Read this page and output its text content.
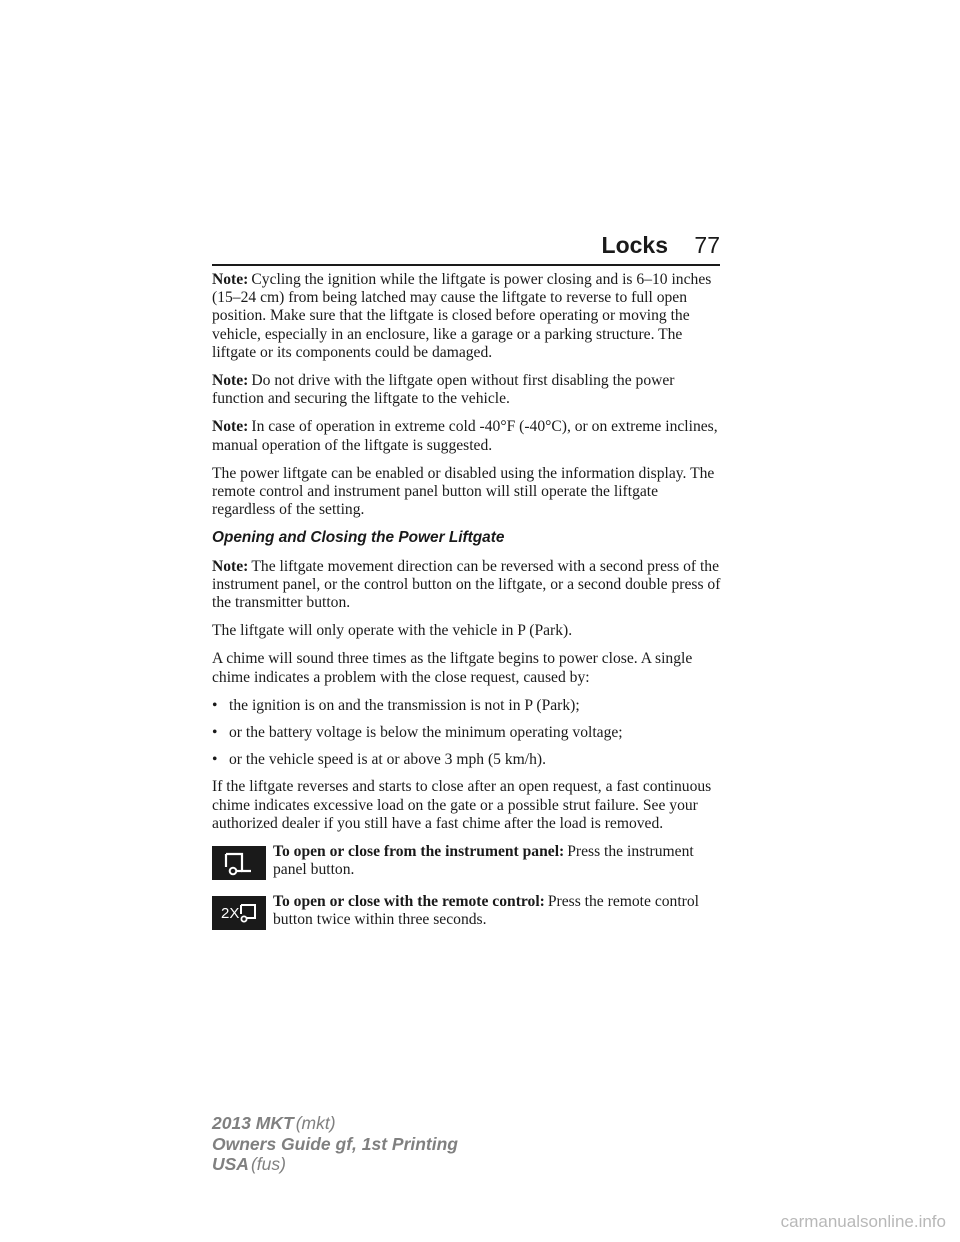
Locks 77

Note: Cycling the ignition while the liftgate is power closing and is 6–10 inches (15–24 cm) from being latched may cause the liftgate to reverse to full open position. Make sure that the liftgate is closed before operating or moving the vehicle, especially in an enclosure, like a garage or a parking structure. The liftgate or its components could be damaged.

Note: Do not drive with the liftgate open without first disabling the power function and securing the liftgate to the vehicle.

Note: In case of operation in extreme cold -40°F (-40°C), or on extreme inclines, manual operation of the liftgate is suggested.

The power liftgate can be enabled or disabled using the information display. The remote control and instrument panel button will still operate the liftgate regardless of the setting.

Opening and Closing the Power Liftgate

Note: The liftgate movement direction can be reversed with a second press of the instrument panel, or the control button on the liftgate, or a second double press of the transmitter button.

The liftgate will only operate with the vehicle in P (Park).

A chime will sound three times as the liftgate begins to power close. A single chime indicates a problem with the close request, caused by:

• the ignition is on and the transmission is not in P (Park);
• or the battery voltage is below the minimum operating voltage;
• or the vehicle speed is at or above 3 mph (5 km/h).

If the liftgate reverses and starts to close after an open request, a fast continuous chime indicates excessive load on the gate or a possible strut failure. See your authorized dealer if you still have a fast chime after the load is removed.

To open or close from the instrument panel: Press the instrument panel button.
2X
To open or close with the remote control: Press the remote control button twice within three seconds.
2013 MKT (mkt)
Owners Guide gf, 1st Printing
USA (fus)
carmanualsonline.info
